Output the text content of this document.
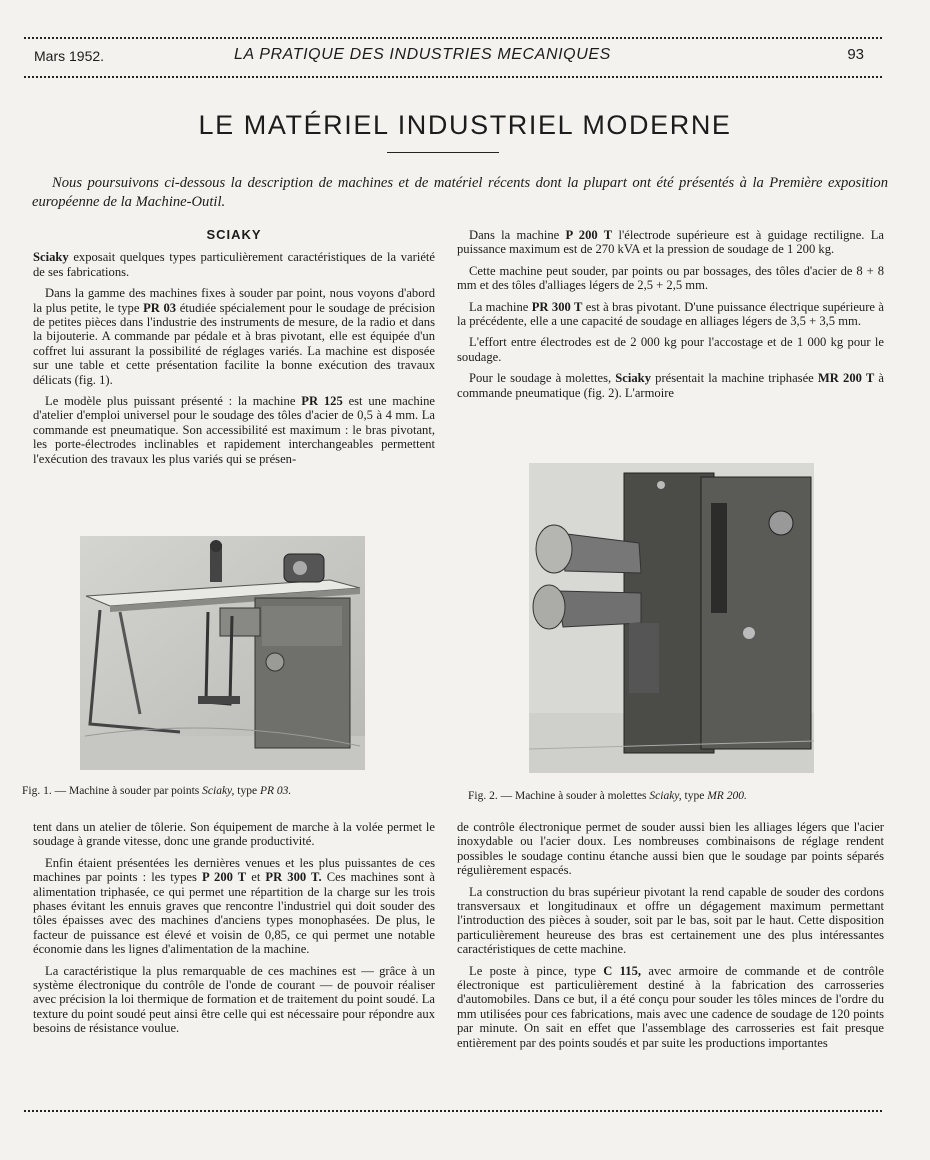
Mars 1952.	LA PRATIQUE DES INDUSTRIES MECANIQUES	93
LE MATÉRIEL INDUSTRIEL MODERNE
Nous poursuivons ci-dessous la description de machines et de matériel récents dont la plupart ont été présentés à la Première exposition européenne de la Machine-Outil.
SCIAKY

Sciaky exposait quelques types particulièrement caractéristiques de la variété de ses fabrications.

Dans la gamme des machines fixes à souder par point, nous voyons d'abord la plus petite, le type PR 03 étudiée spécialement pour le soudage de précision de petites pièces dans l'industrie des instruments de mesure, de la radio et dans la bijouterie. A commande par pédale et à bras pivotant, elle est équipée d'un coffret lui assurant la possibilité de réglages variés. La machine est disposée sur une table et cette présentation facilite la bonne exécution des travaux délicats (fig. 1).

Le modèle plus puissant présenté : la machine PR 125 est une machine d'atelier d'emploi universel pour le soudage des tôles d'acier de 0,5 à 4 mm. La commande est pneumatique. Son accessibilité est maximum : le bras pivotant, les porte-électrodes inclinables et rapidement interchangeables permettent l'exécution des travaux les plus variés qui se présen-

Dans la machine P 200 T l'électrode supérieure est à guidage rectiligne. La puissance maximum est de 270 kVA et la pression de soudage de 1 200 kg.

Cette machine peut souder, par points ou par bossages, des tôles d'acier de 8 + 8 mm et des tôles d'alliages légers de 2,5 + 2,5 mm.

La machine PR 300 T est à bras pivotant. D'une puissance électrique supérieure à la précédente, elle a une capacité de soudage en alliages légers de 3,5 + 3,5 mm.

L'effort entre électrodes est de 2 000 kg pour l'accostage et de 1 000 kg pour le soudage.

Pour le soudage à molettes, Sciaky présentait la machine triphasée MR 200 T à commande pneumatique (fig. 2). L'armoire

Fig. 1. — Machine à souder par points Sciaky, type PR 03.	Fig. 2. — Machine à souder à molettes Sciaky, type MR 200.

tent dans un atelier de tôlerie. Son équipement de marche à la volée permet le soudage à grande vitesse, donc une grande productivité.

Enfin étaient présentées les dernières venues et les plus puissantes de ces machines par points : les types P 200 T et PR 300 T. Ces machines sont à alimentation triphasée, ce qui permet une répartition de la charge sur les trois phases évitant les ennuis graves que rencontre l'industriel qui doit souder des tôles épaisses avec des machines d'anciens types monophasées. De plus, le facteur de puissance est élevé et voisin de 0,85, ce qui permet une notable économie dans les lignes d'alimentation de la machine.

La caractéristique la plus remarquable de ces machines est — grâce à un système électronique du contrôle de l'onde de courant — de pouvoir réaliser avec précision la loi thermique de formation et de traitement du point soudé. La texture du point soudé peut ainsi être celle qui est nécessaire pour répondre aux besoins de résistance voulue.

de contrôle électronique permet de souder aussi bien les alliages légers que l'acier inoxydable ou l'acier doux. Les nombreuses combinaisons de réglage rendent possibles le soudage continu étanche aussi bien que le soudage par points séparés régulièrement espacés.

La construction du bras supérieur pivotant la rend capable de souder des cordons transversaux et longitudinaux et offre un dégagement maximum permettant l'introduction des pièces à souder, soit par le bas, soit par le haut. Cette disposition particulièrement heureuse des bras est certainement une des plus intéressantes caractéristiques de cette machine.

Le poste à pince, type C 115, avec armoire de commande et de contrôle électronique est particulièrement destiné à la fabrication des carrosseries d'automobiles. Dans ce but, il a été conçu pour souder les tôles minces de l'ordre du mm utilisées pour ces fabrications, mais avec une cadence de soudage de 120 points par minute. On sait en effet que l'assemblage des carrosseries est fait presque entièrement par des points soudés et par suite les productions importantes
